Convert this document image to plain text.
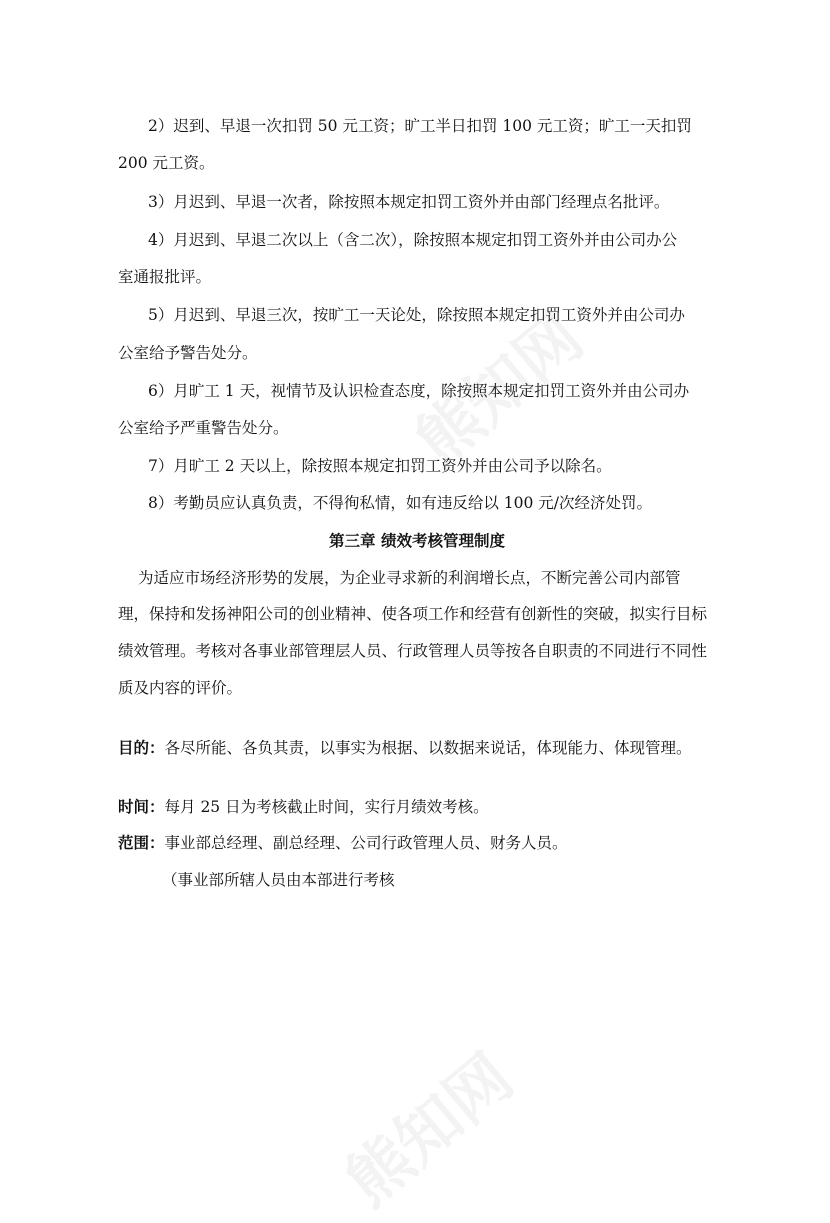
2）迟到、早退一次扣罚 50 元工资；旷工半日扣罚 100 元工资；旷工一天扣罚
200 元工资。
3）月迟到、早退一次者，除按照本规定扣罚工资外并由部门经理点名批评。
4）月迟到、早退二次以上（含二次），除按照本规定扣罚工资外并由公司办公
室通报批评。
5）月迟到、早退三次，按旷工一天论处，除按照本规定扣罚工资外并由公司办
公室给予警告处分。
6）月旷工 1 天，视情节及认识检查态度，除按照本规定扣罚工资外并由公司办
公室给予严重警告处分。
7）月旷工 2 天以上，除按照本规定扣罚工资外并由公司予以除名。
8）考勤员应认真负责，不得徇私情，如有违反给以 100 元/次经济处罚。
第三章 绩效考核管理制度
为适应市场经济形势的发展，为企业寻求新的利润增长点，不断完善公司内部管
理，保持和发扬神阳公司的创业精神、使各项工作和经营有创新性的突破，拟实行目标
绩效管理。考核对各事业部管理层人员、行政管理人员等按各自职责的不同进行不同性
质及内容的评价。
目的：各尽所能、各负其责，以事实为根据、以数据来说话，体现能力、体现管理。
时间：每月 25 日为考核截止时间，实行月绩效考核。
范围：事业部总经理、副总经理、公司行政管理人员、财务人员。
（事业部所辖人员由本部进行考核
